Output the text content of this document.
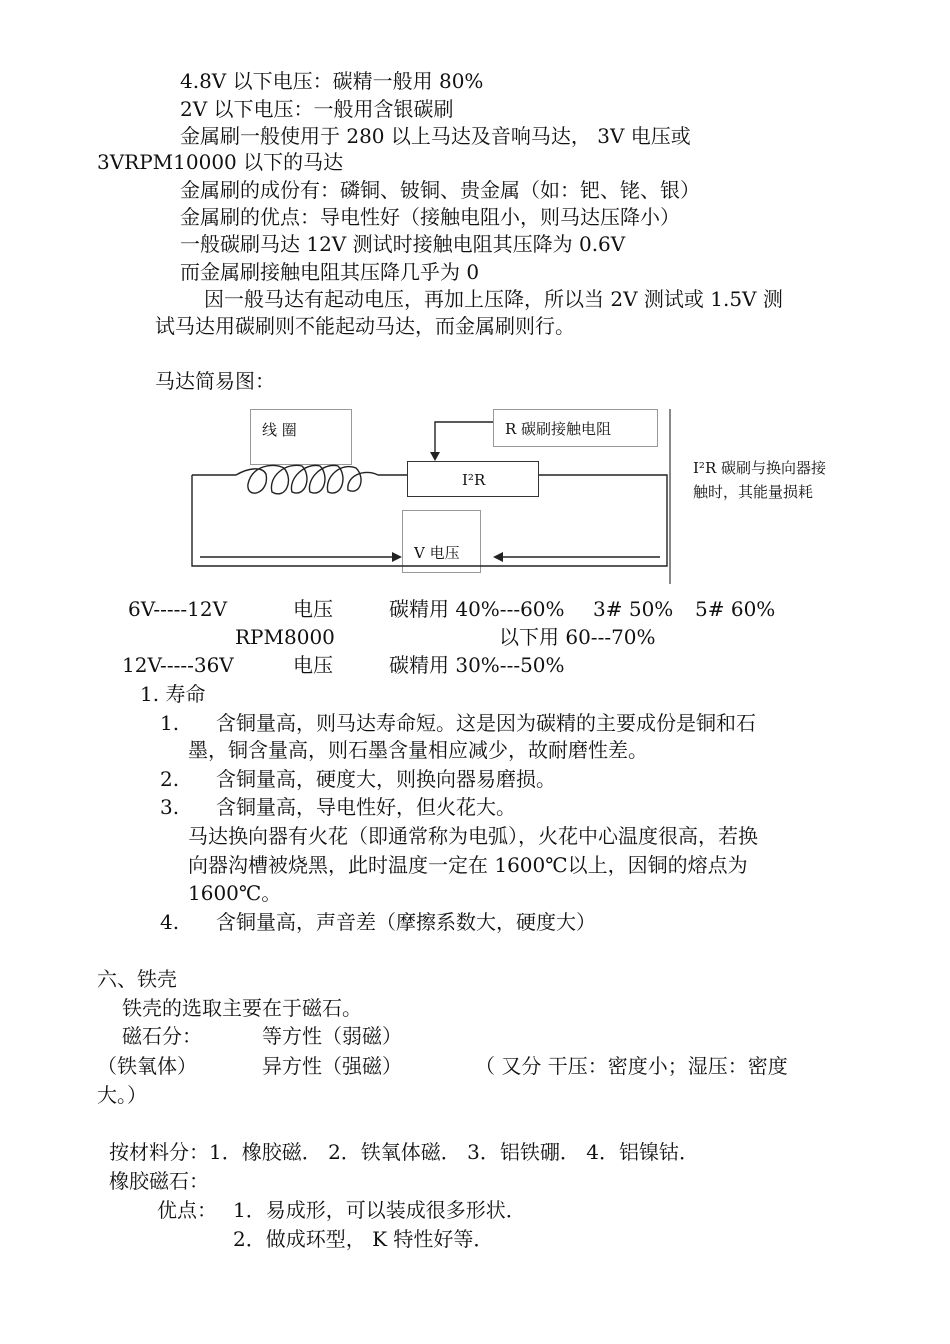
4.8V 以下电压：碳精一般用 80%
2V 以下电压：一般用含银碳刷
金属刷一般使用于 280 以上马达及音响马达， 3V 电压或
3VRPM10000 以下的马达
金属刷的成份有：磷铜、铍铜、贵金属（如：钯、铑、银）
金属刷的优点：导电性好（接触电阻小，则马达压降小）
一般碳刷马达 12V 测试时接触电阻其压降为 0.6V
而金属刷接触电阻其压降几乎为 0
因一般马达有起动电压，再加上压降，所以当 2V 测试或 1.5V 测
试马达用碳刷则不能起动马达，而金属刷则行。
马达简易图：
线 圈	R 碳刷接触电阻
I²R
V 电压
I²R 碳刷与换向器接
触时，其能量损耗
6V-----12V	电压	碳精用 40%---60% 3# 50% 5# 60%
RPM8000	以下用 60---70%
12V-----36V	电压	碳精用 30%---50%
1. 寿命
1. 含铜量高，则马达寿命短。这是因为碳精的主要成份是铜和石
墨，铜含量高，则石墨含量相应减少，故耐磨性差。
2. 含铜量高，硬度大，则换向器易磨损。
3. 含铜量高，导电性好，但火花大。
马达换向器有火花（即通常称为电弧），火花中心温度很高，若换
向器沟槽被烧黑，此时温度一定在 1600℃以上，因铜的熔点为
1600℃。
4. 含铜量高，声音差（摩擦系数大，硬度大）
六、铁壳
铁壳的选取主要在于磁石。
磁石分：	等方性（弱磁）
（铁氧体）	异方性（强磁）	（ 又分 干压：密度小；湿压：密度
大。）
按材料分：1．橡胶磁． 2．铁氧体磁． 3．铝铁硼． 4．铝镍钴．
橡胶磁石：
优点： 1．易成形，可以装成很多形状．
2．做成环型， K 特性好等．
